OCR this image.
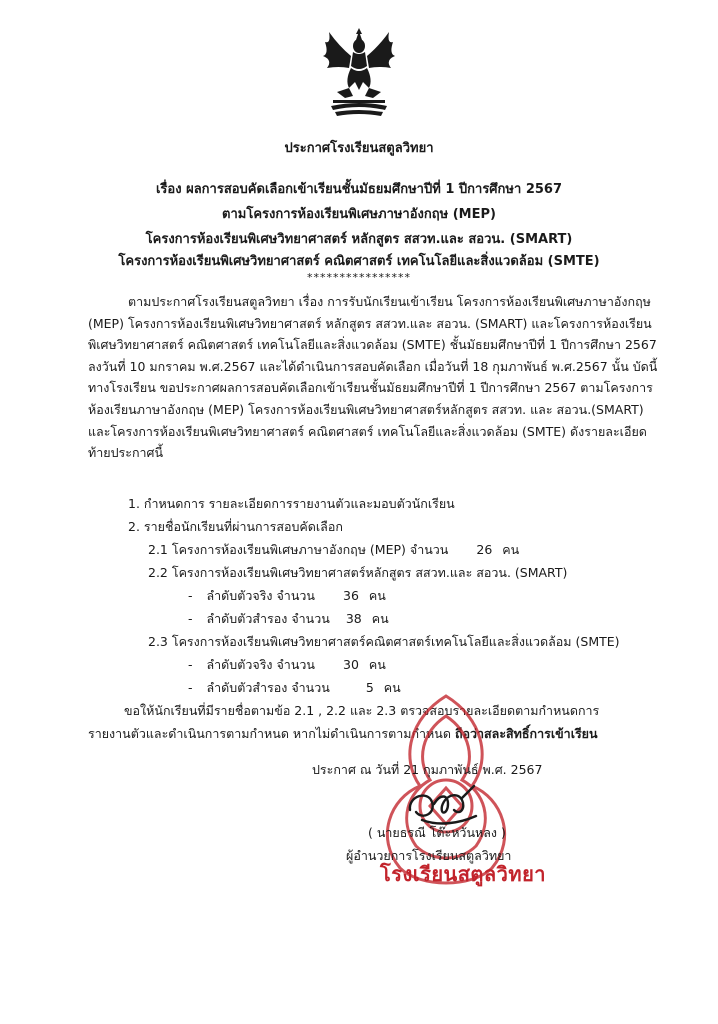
ประกาศโรงเรียนสตูลวิทยา
เรื่อง ผลการสอบคัดเลือกเข้าเรียนชั้นมัธยมศึกษาปีที่ 1 ปีการศึกษา 2567
ตามโครงการห้องเรียนพิเศษภาษาอังกฤษ (MEP)
โครงการห้องเรียนพิเศษวิทยาศาสตร์ หลักสูตร สสวท.และ สอวน. (SMART)
โครงการห้องเรียนพิเศษวิทยาศาสตร์ คณิตศาสตร์ เทคโนโลยีและสิ่งแวดล้อม (SMTE)
****************

ตามประกาศโรงเรียนสตูลวิทยา เรื่อง การรับนักเรียนเข้าเรียน โครงการห้องเรียนพิเศษภาษาอังกฤษ (MEP) โครงการห้องเรียนพิเศษวิทยาศาสตร์ หลักสูตร สสวท.และ สอวน. (SMART) และโครงการห้องเรียนพิเศษวิทยาศาสตร์ คณิตศาสตร์ เทคโนโลยีและสิ่งแวดล้อม (SMTE) ชั้นมัธยมศึกษาปีที่ 1 ปีการศึกษา 2567 ลงวันที่ 10 มกราคม พ.ศ.2567 และได้ดำเนินการสอบคัดเลือก เมื่อวันที่ 18 กุมภาพันธ์ พ.ศ.2567 นั้น บัดนี้ ทางโรงเรียน ขอประกาศผลการสอบคัดเลือกเข้าเรียนชั้นมัธยมศึกษาปีที่ 1 ปีการศึกษา 2567 ตามโครงการห้องเรียนภาษาอังกฤษ (MEP) โครงการห้องเรียนพิเศษวิทยาศาสตร์หลักสูตร สสวท. และ สอวน.(SMART) และโครงการห้องเรียนพิเศษวิทยาศาสตร์ คณิตศาสตร์ เทคโนโลยีและสิ่งแวดล้อม (SMTE) ดังรายละเอียดท้ายประกาศนี้

1. กำหนดการ รายละเอียดการรายงานตัวและมอบตัวนักเรียน
2. รายชื่อนักเรียนที่ผ่านการสอบคัดเลือก
2.1 โครงการห้องเรียนพิเศษภาษาอังกฤษ (MEP) จำนวน 26 คน
2.2 โครงการห้องเรียนพิเศษวิทยาศาสตร์หลักสูตร สสวท.และ สอวน. (SMART)
- ลำดับตัวจริง จำนวน 36 คน
- ลำดับตัวสำรอง จำนวน 38 คน
2.3 โครงการห้องเรียนพิเศษวิทยาศาสตร์คณิตศาสตร์เทคโนโลยีและสิ่งแวดล้อม (SMTE)
- ลำดับตัวจริง จำนวน 30 คน
- ลำดับตัวสำรอง จำนวน	5 คน
ขอให้นักเรียนที่มีรายชื่อตามข้อ 2.1 , 2.2 และ 2.3 ตรวจสอบรายละเอียดตามกำหนดการ
รายงานตัวและดำเนินการตามกำหนด หากไม่ดำเนินการตามกำหนด ถือว่าสละสิทธิ์การเข้าเรียน
ประกาศ ณ วันที่ 21 กุมภาพันธ์ พ.ศ. 2567
( นายธรณี โต๊ะหวันหลง )
ผู้อำนวยการโรงเรียนสตูลวิทยา
โรงเรียนสตูลวิทยา
